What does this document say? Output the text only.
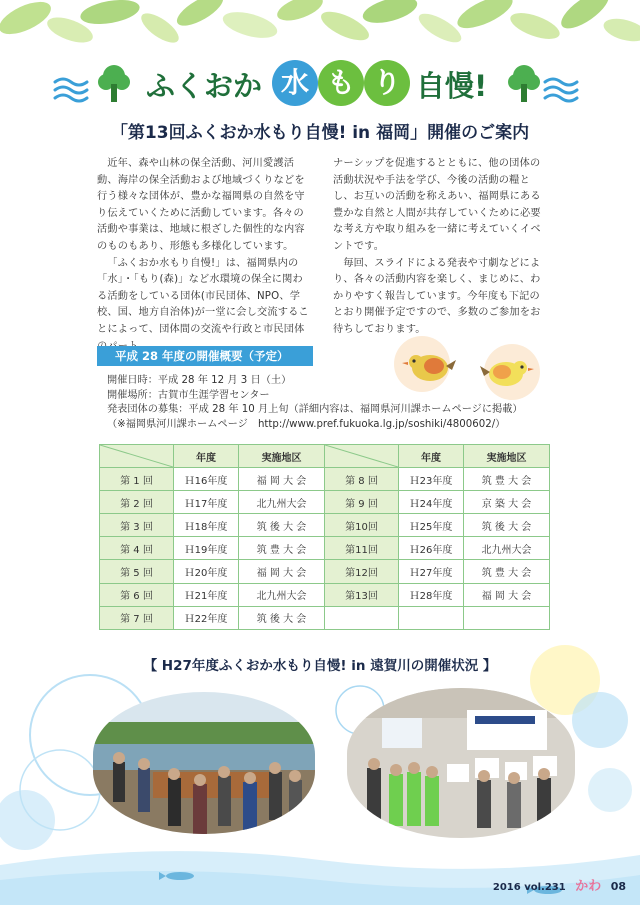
ふくおか 水 も り 自慢!
「第13回ふくおか水もり自慢! in 福岡」開催のご案内

近年、森や山林の保全活動、河川愛護活動、海岸の保全活動および地域づくりなどを行う様々な団体が、豊かな福岡県の自然を守り伝えていくために活動しています。各々の活動や事業は、地域に根ざした個性的な内容のものもあり、形態も多様化しています。

「ふくおか水もり自慢!」は、福岡県内の「水」・「もり(森)」など水環境の保全に関わる活動をしている団体(市民団体、NPO、学校、国、地方自治体)が一堂に会し交流することによって、団体間の交流や行政と市民団体

ナーシップを促進するとともに、他の団体の活動状況や手法を学び、今後の活動の糧とし、お互いの活動を称えあい、福岡県にある豊かな自然と人間が共存していくために必要な考え方や取り組みを一緒に考えていくイベントです。

毎回、スライドによる発表や寸劇などにより、各々の活動内容を楽しく、まじめに、わかりやすく報告しています。今年度も下記のとおり開催予定ですので、多数のご参加をお待ちしております。

平成 28 年度の開催概要（予定）
開催日時：平成 28 年 12 月 3 日（土）
開催場所：古賀市生涯学習センター
発表団体の募集：平成 28 年 10 月上旬（詳細内容は、福岡県河川課ホームページに掲載）
（※福岡県河川課ホームページ　http://www.pref.fukuoka.lg.jp/soshiki/4800602/）
	年度	実施地区		年度	実施地区
第 1 回	Ｈ16年度	福 岡 大 会	第 8 回	Ｈ23年度	筑 豊 大 会
第 2 回	Ｈ17年度	北九州大会	第 9 回	Ｈ24年度	京 築 大 会
第 3 回	Ｈ18年度	筑 後 大 会	第10回	Ｈ25年度	筑 後 大 会
第 4 回	Ｈ19年度	筑 豊 大 会	第11回	Ｈ26年度	北九州大会
第 5 回	Ｈ20年度	福 岡 大 会	第12回	Ｈ27年度	筑 豊 大 会
第 6 回	Ｈ21年度	北九州大会	第13回	Ｈ28年度	福 岡 大 会
第 7 回	Ｈ22年度	筑 後 大 会			
【 H27年度ふくおか水もり自慢! in 遠賀川の開催状況 】
2016 vol.231 かわ 08
